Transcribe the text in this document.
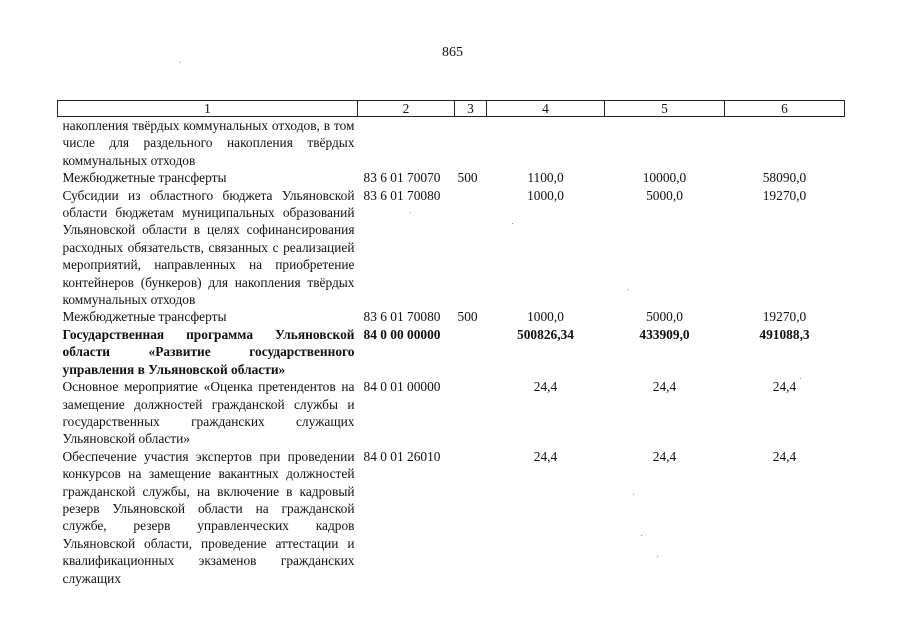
865
1	2	3	4	5	6
накопления твёрдых коммунальных отходов, в том числе для раздельного накопления твёрдых коммунальных отходов					
Межбюджетные трансферты	83 6 01 70070	500	1100,0	10000,0	58090,0
Субсидии из областного бюджета Ульяновской области бюджетам муниципальных образований Ульяновской области в целях софинансирования расходных обязательств, связанных с реализацией мероприятий, направленных на приобретение контейнеров (бункеров) для накопления твёрдых коммунальных отходов	83 6 01 70080		1000,0	5000,0	19270,0
Межбюджетные трансферты	83 6 01 70080	500	1000,0	5000,0	19270,0
Государственная программа Ульяновской области «Развитие государственного управления в Ульяновской области»	84 0 00 00000		500826,34	433909,0	491088,3
Основное мероприятие «Оценка претендентов на замещение должностей гражданской службы и государственных гражданских служащих Ульяновской области»	84 0 01 00000		24,4	24,4	24,4
Обеспечение участия экспертов при проведении конкурсов на замещение вакантных должностей гражданской службы, на включение в кадровый резерв Ульяновской области на гражданской службе, резерв управленческих кадров Ульяновской области, проведение аттестации и квалификационных экзаменов гражданских служащих	84 0 01 26010		24,4	24,4	24,4
